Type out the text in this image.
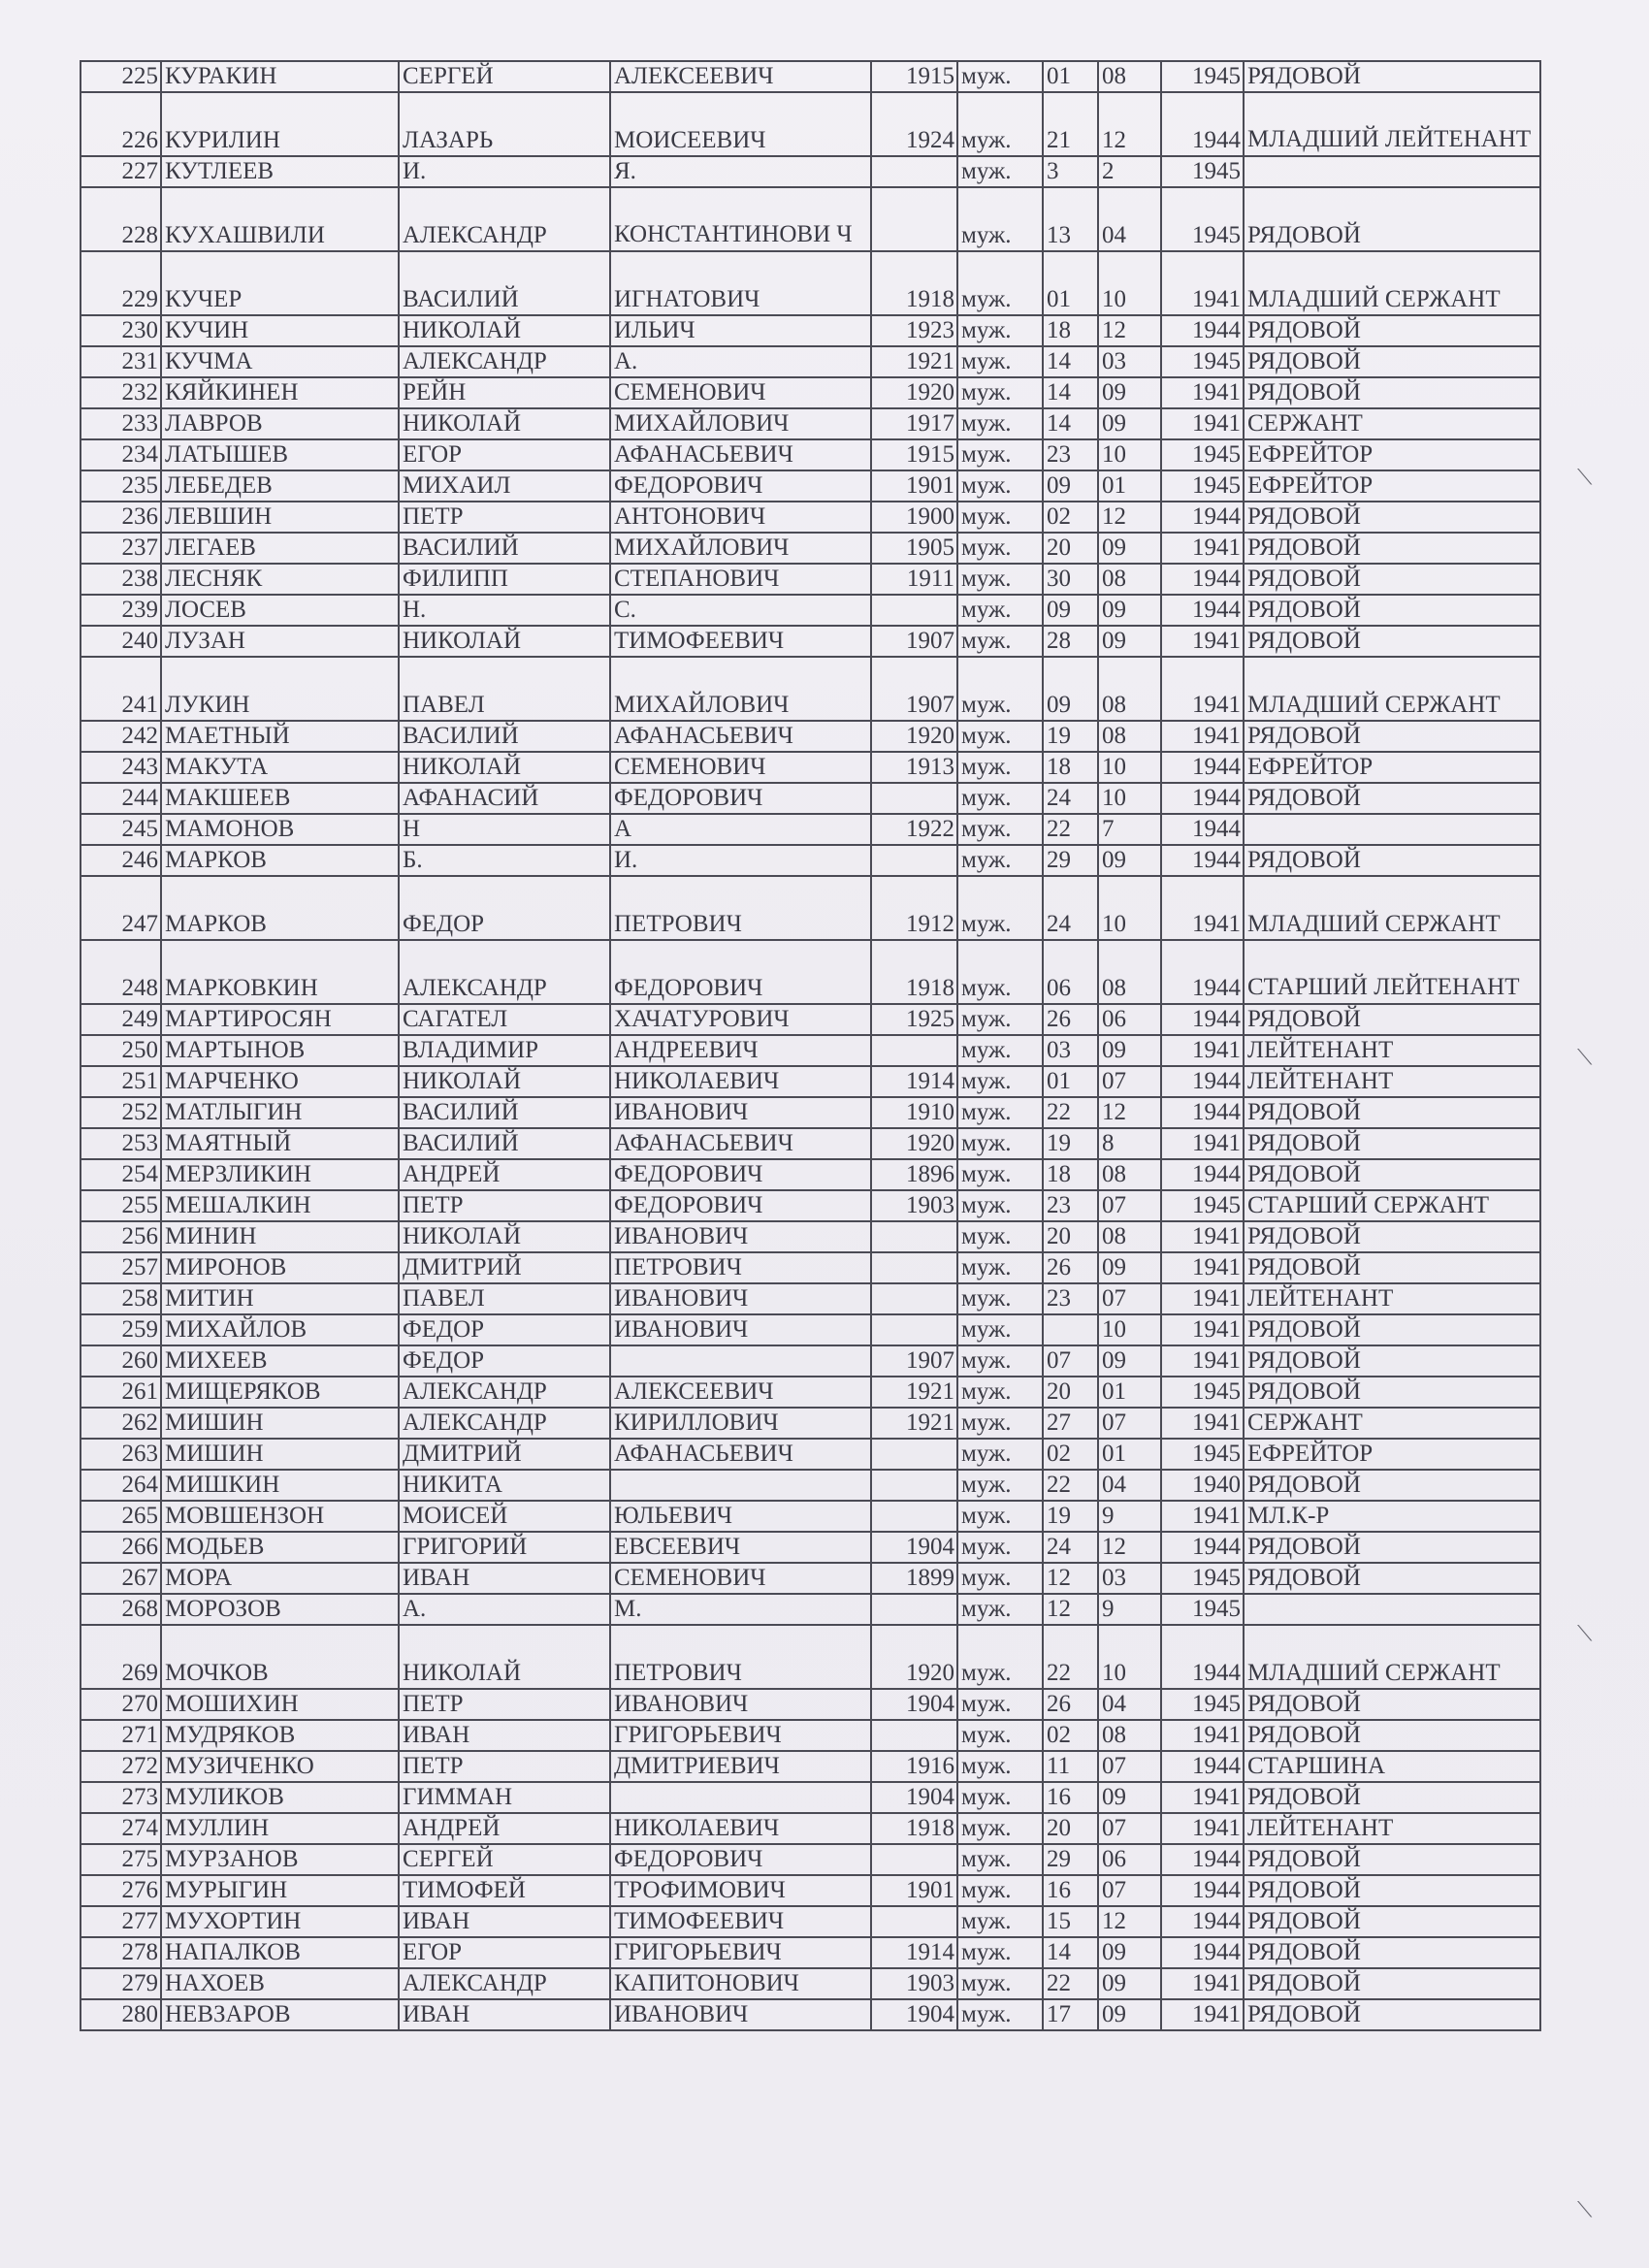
225	КУРАКИН	СЕРГЕЙ	АЛЕКСЕЕВИЧ	1915	муж.	01	08	1945	РЯДОВОЙ
226	КУРИЛИН	ЛАЗАРЬ	МОИСЕЕВИЧ	1924	муж.	21	12	1944	МЛАДШИЙ ЛЕЙТЕНАНТ
227	КУТЛЕЕВ	И.	Я.		муж.	3	2	1945	
228	КУХАШВИЛИ	АЛЕКСАНДР	КОНСТАНТИНОВИ Ч		муж.	13	04	1945	РЯДОВОЙ
229	КУЧЕР	ВАСИЛИЙ	ИГНАТОВИЧ	1918	муж.	01	10	1941	МЛАДШИЙ СЕРЖАНТ
230	КУЧИН	НИКОЛАЙ	ИЛЬИЧ	1923	муж.	18	12	1944	РЯДОВОЙ
231	КУЧМА	АЛЕКСАНДР	А.	1921	муж.	14	03	1945	РЯДОВОЙ
232	КЯЙКИНЕН	РЕЙН	СЕМЕНОВИЧ	1920	муж.	14	09	1941	РЯДОВОЙ
233	ЛАВРОВ	НИКОЛАЙ	МИХАЙЛОВИЧ	1917	муж.	14	09	1941	СЕРЖАНТ
234	ЛАТЫШЕВ	ЕГОР	АФАНАСЬЕВИЧ	1915	муж.	23	10	1945	ЕФРЕЙТОР
235	ЛЕБЕДЕВ	МИХАИЛ	ФЕДОРОВИЧ	1901	муж.	09	01	1945	ЕФРЕЙТОР
236	ЛЕВШИН	ПЕТР	АНТОНОВИЧ	1900	муж.	02	12	1944	РЯДОВОЙ
237	ЛЕГАЕВ	ВАСИЛИЙ	МИХАЙЛОВИЧ	1905	муж.	20	09	1941	РЯДОВОЙ
238	ЛЕСНЯК	ФИЛИПП	СТЕПАНОВИЧ	1911	муж.	30	08	1944	РЯДОВОЙ
239	ЛОСЕВ	Н.	С.		муж.	09	09	1944	РЯДОВОЙ
240	ЛУЗАН	НИКОЛАЙ	ТИМОФЕЕВИЧ	1907	муж.	28	09	1941	РЯДОВОЙ
241	ЛУКИН	ПАВЕЛ	МИХАЙЛОВИЧ	1907	муж.	09	08	1941	МЛАДШИЙ СЕРЖАНТ
242	МАЕТНЫЙ	ВАСИЛИЙ	АФАНАСЬЕВИЧ	1920	муж.	19	08	1941	РЯДОВОЙ
243	МАКУТА	НИКОЛАЙ	СЕМЕНОВИЧ	1913	муж.	18	10	1944	ЕФРЕЙТОР
244	МАКШЕЕВ	АФАНАСИЙ	ФЕДОРОВИЧ		муж.	24	10	1944	РЯДОВОЙ
245	МАМОНОВ	Н	А	1922	муж.	22	7	1944	
246	МАРКОВ	Б.	И.		муж.	29	09	1944	РЯДОВОЙ
247	МАРКОВ	ФЕДОР	ПЕТРОВИЧ	1912	муж.	24	10	1941	МЛАДШИЙ СЕРЖАНТ
248	МАРКОВКИН	АЛЕКСАНДР	ФЕДОРОВИЧ	1918	муж.	06	08	1944	СТАРШИЙ ЛЕЙТЕНАНТ
249	МАРТИРОСЯН	САГАТЕЛ	ХАЧАТУРОВИЧ	1925	муж.	26	06	1944	РЯДОВОЙ
250	МАРТЫНОВ	ВЛАДИМИР	АНДРЕЕВИЧ		муж.	03	09	1941	ЛЕЙТЕНАНТ
251	МАРЧЕНКО	НИКОЛАЙ	НИКОЛАЕВИЧ	1914	муж.	01	07	1944	ЛЕЙТЕНАНТ
252	МАТЛЫГИН	ВАСИЛИЙ	ИВАНОВИЧ	1910	муж.	22	12	1944	РЯДОВОЙ
253	МАЯТНЫЙ	ВАСИЛИЙ	АФАНАСЬЕВИЧ	1920	муж.	19	8	1941	РЯДОВОЙ
254	МЕРЗЛИКИН	АНДРЕЙ	ФЕДОРОВИЧ	1896	муж.	18	08	1944	РЯДОВОЙ
255	МЕШАЛКИН	ПЕТР	ФЕДОРОВИЧ	1903	муж.	23	07	1945	СТАРШИЙ СЕРЖАНТ
256	МИНИН	НИКОЛАЙ	ИВАНОВИЧ		муж.	20	08	1941	РЯДОВОЙ
257	МИРОНОВ	ДМИТРИЙ	ПЕТРОВИЧ		муж.	26	09	1941	РЯДОВОЙ
258	МИТИН	ПАВЕЛ	ИВАНОВИЧ		муж.	23	07	1941	ЛЕЙТЕНАНТ
259	МИХАЙЛОВ	ФЕДОР	ИВАНОВИЧ		муж.		10	1941	РЯДОВОЙ
260	МИХЕЕВ	ФЕДОР		1907	муж.	07	09	1941	РЯДОВОЙ
261	МИЩЕРЯКОВ	АЛЕКСАНДР	АЛЕКСЕЕВИЧ	1921	муж.	20	01	1945	РЯДОВОЙ
262	МИШИН	АЛЕКСАНДР	КИРИЛЛОВИЧ	1921	муж.	27	07	1941	СЕРЖАНТ
263	МИШИН	ДМИТРИЙ	АФАНАСЬЕВИЧ		муж.	02	01	1945	ЕФРЕЙТОР
264	МИШКИН	НИКИТА			муж.	22	04	1940	РЯДОВОЙ
265	МОВШЕНЗОН	МОИСЕЙ	ЮЛЬЕВИЧ		муж.	19	9	1941	МЛ.К-Р
266	МОДЬЕВ	ГРИГОРИЙ	ЕВСЕЕВИЧ	1904	муж.	24	12	1944	РЯДОВОЙ
267	МОРА	ИВАН	СЕМЕНОВИЧ	1899	муж.	12	03	1945	РЯДОВОЙ
268	МОРОЗОВ	А.	М.		муж.	12	9	1945	
269	МОЧКОВ	НИКОЛАЙ	ПЕТРОВИЧ	1920	муж.	22	10	1944	МЛАДШИЙ СЕРЖАНТ
270	МОШИХИН	ПЕТР	ИВАНОВИЧ	1904	муж.	26	04	1945	РЯДОВОЙ
271	МУДРЯКОВ	ИВАН	ГРИГОРЬЕВИЧ		муж.	02	08	1941	РЯДОВОЙ
272	МУЗИЧЕНКО	ПЕТР	ДМИТРИЕВИЧ	1916	муж.	11	07	1944	СТАРШИНА
273	МУЛИКОВ	ГИММАН		1904	муж.	16	09	1941	РЯДОВОЙ
274	МУЛЛИН	АНДРЕЙ	НИКОЛАЕВИЧ	1918	муж.	20	07	1941	ЛЕЙТЕНАНТ
275	МУРЗАНОВ	СЕРГЕЙ	ФЕДОРОВИЧ		муж.	29	06	1944	РЯДОВОЙ
276	МУРЫГИН	ТИМОФЕЙ	ТРОФИМОВИЧ	1901	муж.	16	07	1944	РЯДОВОЙ
277	МУХОРТИН	ИВАН	ТИМОФЕЕВИЧ		муж.	15	12	1944	РЯДОВОЙ
278	НАПАЛКОВ	ЕГОР	ГРИГОРЬЕВИЧ	1914	муж.	14	09	1944	РЯДОВОЙ
279	НАХОЕВ	АЛЕКСАНДР	КАПИТОНОВИЧ	1903	муж.	22	09	1941	РЯДОВОЙ
280	НЕВЗАРОВ	ИВАН	ИВАНОВИЧ	1904	муж.	17	09	1941	РЯДОВОЙ
⟍
⟍
⟍
⟍
